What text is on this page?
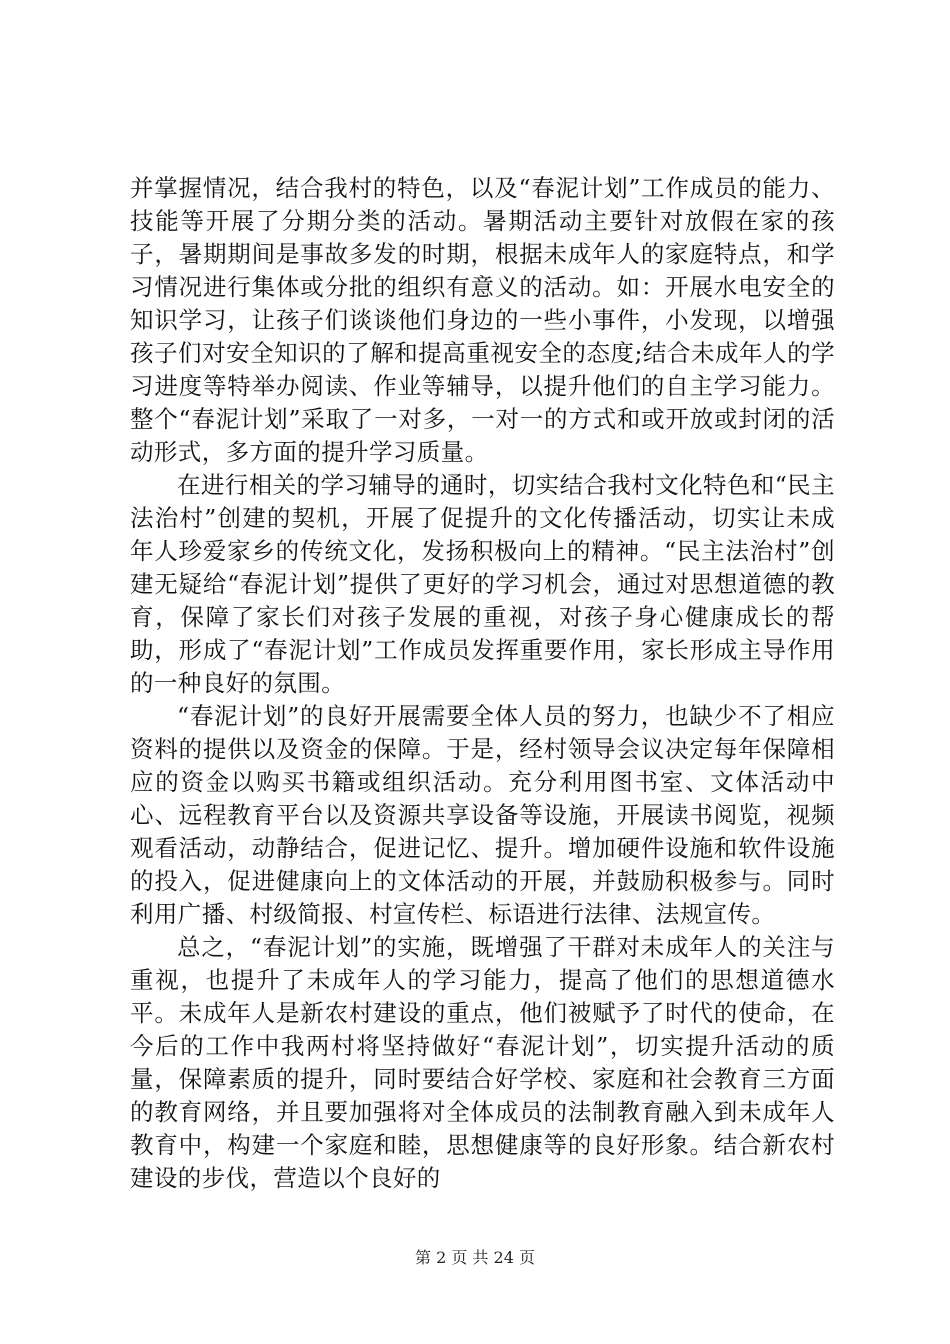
并掌握情况，结合我村的特色，以及“春泥计划”工作成员的能力、技能等开展了分期分类的活动。暑期活动主要针对放假在家的孩子，暑期期间是事故多发的时期，根据未成年人的家庭特点，和学习情况进行集体或分批的组织有意义的活动。如：开展水电安全的知识学习，让孩子们谈谈他们身边的一些小事件，小发现，以增强孩子们对安全知识的了解和提高重视安全的态度;结合未成年人的学习进度等特举办阅读、作业等辅导，以提升他们的自主学习能力。整个“春泥计划”采取了一对多，一对一的方式和或开放或封闭的活动形式，多方面的提升学习质量。

在进行相关的学习辅导的通时，切实结合我村文化特色和“民主法治村”创建的契机，开展了促提升的文化传播活动，切实让未成年人珍爱家乡的传统文化，发扬积极向上的精神。“民主法治村”创建无疑给“春泥计划”提供了更好的学习机会，通过对思想道德的教育，保障了家长们对孩子发展的重视，对孩子身心健康成长的帮助，形成了“春泥计划”工作成员发挥重要作用，家长形成主导作用的一种良好的氛围。

“春泥计划”的良好开展需要全体人员的努力，也缺少不了相应资料的提供以及资金的保障。于是，经村领导会议决定每年保障相应的资金以购买书籍或组织活动。充分利用图书室、文体活动中心、远程教育平台以及资源共享设备等设施，开展读书阅览，视频观看活动，动静结合，促进记忆、提升。增加硬件设施和软件设施的投入，促进健康向上的文体活动的开展，并鼓励积极参与。同时利用广播、村级简报、村宣传栏、标语进行法律、法规宣传。

总之，“春泥计划”的实施，既增强了干群对未成年人的关注与重视，也提升了未成年人的学习能力，提高了他们的思想道德水平。未成年人是新农村建设的重点，他们被赋予了时代的使命，在今后的工作中我两村将坚持做好“春泥计划”，切实提升活动的质量，保障素质的提升，同时要结合好学校、家庭和社会教育三方面的教育网络，并且要加强将对全体成员的法制教育融入到未成年人教育中，构建一个家庭和睦，思想健康等的良好形象。结合新农村建设的步伐，营造以个良好的

第 2 页 共 24 页
